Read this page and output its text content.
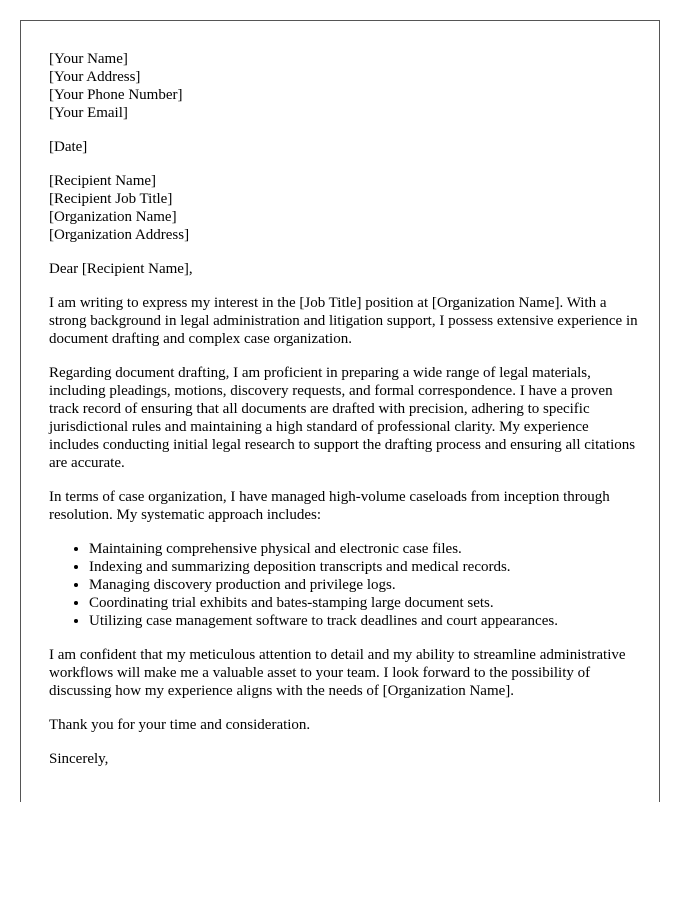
[Your Name]
[Your Address]
[Your Phone Number]
[Your Email]
[Date]
[Recipient Name]
[Recipient Job Title]
[Organization Name]
[Organization Address]
Dear [Recipient Name],

I am writing to express my interest in the [Job Title] position at [Organization Name]. With a strong background in legal administration and litigation support, I possess extensive experience in document drafting and complex case organization.

Regarding document drafting, I am proficient in preparing a wide range of legal materials, including pleadings, motions, discovery requests, and formal correspondence. I have a proven track record of ensuring that all documents are drafted with precision, adhering to specific jurisdictional rules and maintaining a high standard of professional clarity. My experience includes conducting initial legal research to support the drafting process and ensuring all citations are accurate.

In terms of case organization, I have managed high-volume caseloads from inception through resolution. My systematic approach includes:

• Maintaining comprehensive physical and electronic case files.
• Indexing and summarizing deposition transcripts and medical records.
• Managing discovery production and privilege logs.
• Coordinating trial exhibits and bates-stamping large document sets.
• Utilizing case management software to track deadlines and court appearances.

I am confident that my meticulous attention to detail and my ability to streamline administrative workflows will make me a valuable asset to your team. I look forward to the possibility of discussing how my experience aligns with the needs of [Organization Name].

Thank you for your time and consideration.

Sincerely,
